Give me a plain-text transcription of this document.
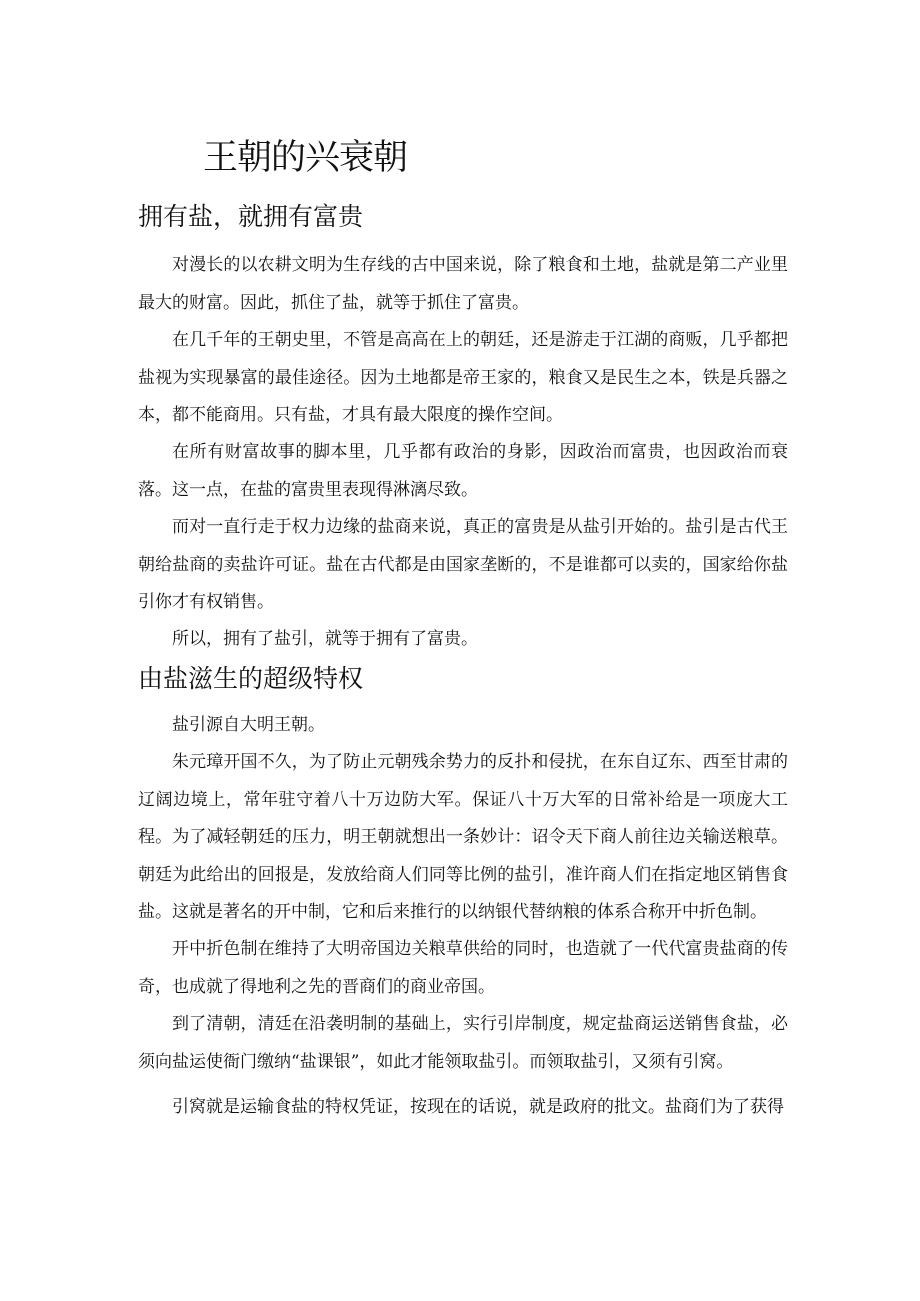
王朝的兴衰朝
拥有盐，就拥有富贵

对漫长的以农耕文明为生存线的古中国来说，除了粮食和土地，盐就是第二产业里最大的财富。因此，抓住了盐，就等于抓住了富贵。

在几千年的王朝史里，不管是高高在上的朝廷，还是游走于江湖的商贩，几乎都把盐视为实现暴富的最佳途径。因为土地都是帝王家的，粮食又是民生之本，铁是兵器之本，都不能商用。只有盐，才具有最大限度的操作空间。

在所有财富故事的脚本里，几乎都有政治的身影，因政治而富贵，也因政治而衰落。这一点，在盐的富贵里表现得淋漓尽致。

而对一直行走于权力边缘的盐商来说，真正的富贵是从盐引开始的。盐引是古代王朝给盐商的卖盐许可证。盐在古代都是由国家垄断的，不是谁都可以卖的，国家给你盐引你才有权销售。

所以，拥有了盐引，就等于拥有了富贵。

由盐滋生的超级特权

盐引源自大明王朝。

朱元璋开国不久，为了防止元朝残余势力的反扑和侵扰，在东自辽东、西至甘肃的辽阔边境上，常年驻守着八十万边防大军。保证八十万大军的日常补给是一项庞大工程。为了减轻朝廷的压力，明王朝就想出一条妙计：诏令天下商人前往边关输送粮草。朝廷为此给出的回报是，发放给商人们同等比例的盐引，准许商人们在指定地区销售食盐。这就是著名的开中制，它和后来推行的以纳银代替纳粮的体系合称开中折色制。

开中折色制在维持了大明帝国边关粮草供给的同时，也造就了一代代富贵盐商的传奇，也成就了得地利之先的晋商们的商业帝国。

到了清朝，清廷在沿袭明制的基础上，实行引岸制度，规定盐商运送销售食盐，必须向盐运使衙门缴纳“盐课银”，如此才能领取盐引。而领取盐引，又须有引窝。

引窝就是运输食盐的特权凭证，按现在的话说，就是政府的批文。盐商们为了获得
